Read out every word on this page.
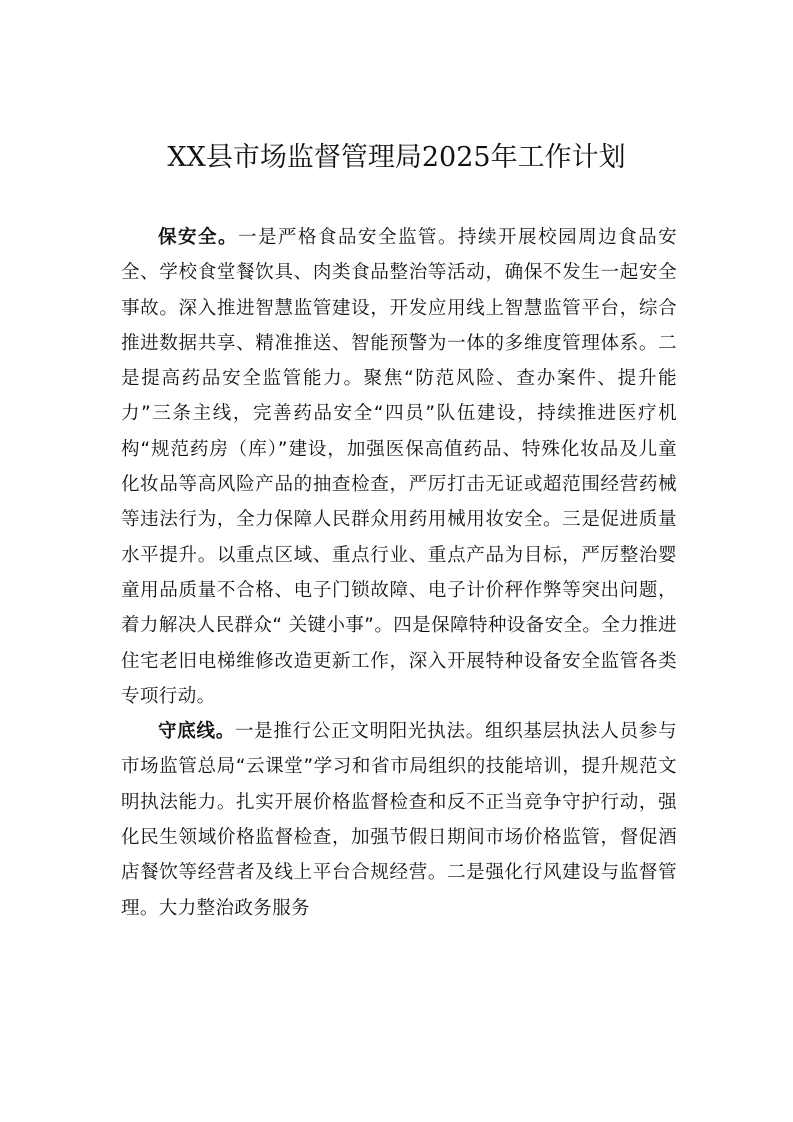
XX县市场监督管理局2025年工作计划

保安全。一是严格食品安全监管。持续开展校园周边食品安全、学校食堂餐饮具、肉类食品整治等活动，确保不发生一起安全事故。深入推进智慧监管建设，开发应用线上智慧监管平台，综合推进数据共享、精准推送、智能预警为一体的多维度管理体系。二是提高药品安全监管能力。聚焦“防范风险、查办案件、提升能力”三条主线，完善药品安全“四员”队伍建设，持续推进医疗机构“规范药房（库）”建设，加强医保高值药品、特殊化妆品及儿童化妆品等高风险产品的抽查检查，严厉打击无证或超范围经营药械等违法行为，全力保障人民群众用药用械用妆安全。三是促进质量水平提升。以重点区域、重点行业、重点产品为目标，严厉整治婴童用品质量不合格、电子门锁故障、电子计价秤作弊等突出问题，着力解决人民群众“ 关键小事”。四是保障特种设备安全。全力推进住宅老旧电梯维修改造更新工作，深入开展特种设备安全监管各类专项行动。

守底线。一是推行公正文明阳光执法。组织基层执法人员参与市场监管总局“云课堂”学习和省市局组织的技能培训，提升规范文明执法能力。扎实开展价格监督检查和反不正当竞争守护行动，强化民生领域价格监督检查，加强节假日期间市场价格监管，督促酒店餐饮等经营者及线上平台合规经营。二是强化行风建设与监督管理。大力整治政务服务
